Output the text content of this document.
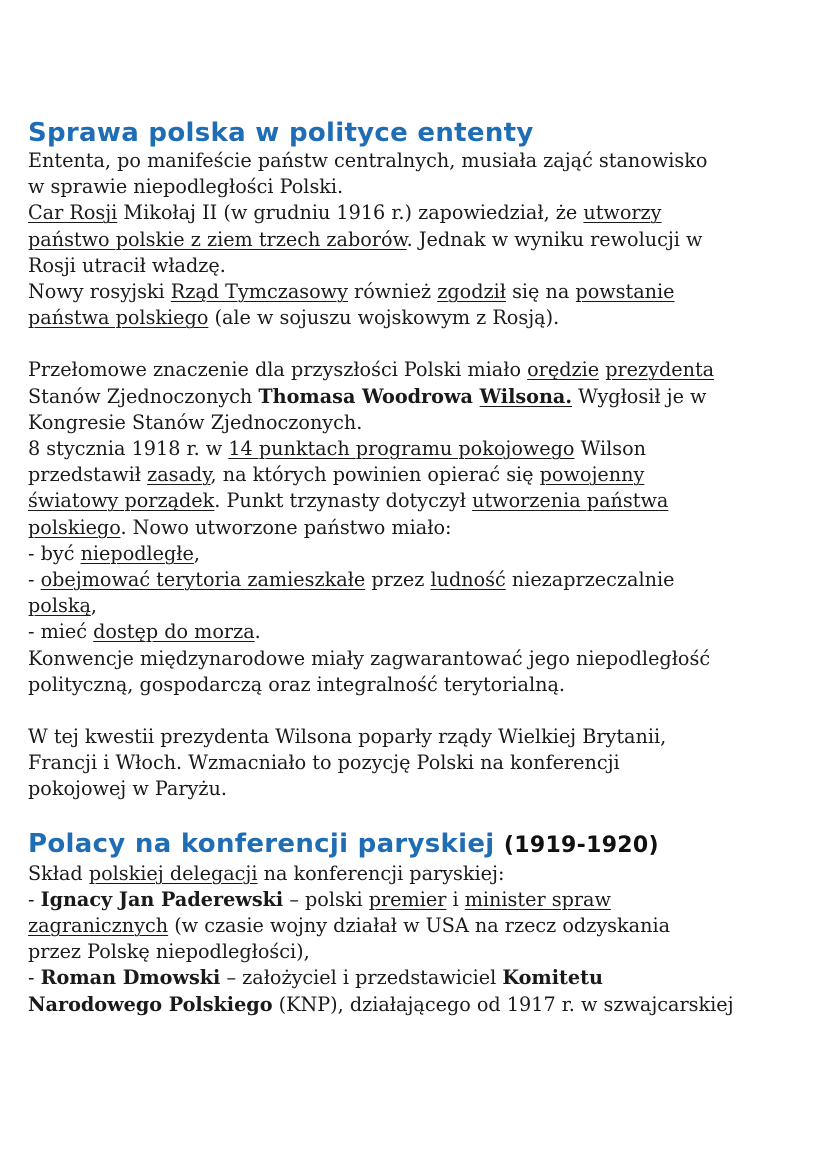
Sprawa polska w polityce ententy
Ententa, po manifeście państw centralnych, musiała zająć stanowisko
w sprawie niepodległości Polski.
Car Rosji Mikołaj II (w grudniu 1916 r.) zapowiedział, że utworzy
państwo polskie z ziem trzech zaborów. Jednak w wyniku rewolucji w
Rosji utracił władzę.
Nowy rosyjski Rząd Tymczasowy również zgodził się na powstanie
państwa polskiego (ale w sojuszu wojskowym z Rosją).
Przełomowe znaczenie dla przyszłości Polski miało orędzie prezydenta
Stanów Zjednoczonych Thomasa Woodrowa Wilsona. Wygłosił je w
Kongresie Stanów Zjednoczonych.
8 stycznia 1918 r. w 14 punktach programu pokojowego Wilson
przedstawił zasady, na których powinien opierać się powojenny
światowy porządek. Punkt trzynasty dotyczył utworzenia państwa
polskiego. Nowo utworzone państwo miało:
- być niepodległe,
- obejmować terytoria zamieszkałe przez ludność niezaprzeczalnie
polską,
- mieć dostęp do morza.
Konwencje międzynarodowe miały zagwarantować jego niepodległość
polityczną, gospodarczą oraz integralność terytorialną.
W tej kwestii prezydenta Wilsona poparły rządy Wielkiej Brytanii,
Francji i Włoch. Wzmacniało to pozycję Polski na konferencji
pokojowej w Paryżu.
Polacy na konferencji paryskiej (1919-1920)
Skład polskiej delegacji na konferencji paryskiej:
- Ignacy Jan Paderewski – polski premier i minister spraw
zagranicznych (w czasie wojny działał w USA na rzecz odzyskania
przez Polskę niepodległości),
- Roman Dmowski – założyciel i przedstawiciel Komitetu
Narodowego Polskiego (KNP), działającego od 1917 r. w szwajcarskiej
